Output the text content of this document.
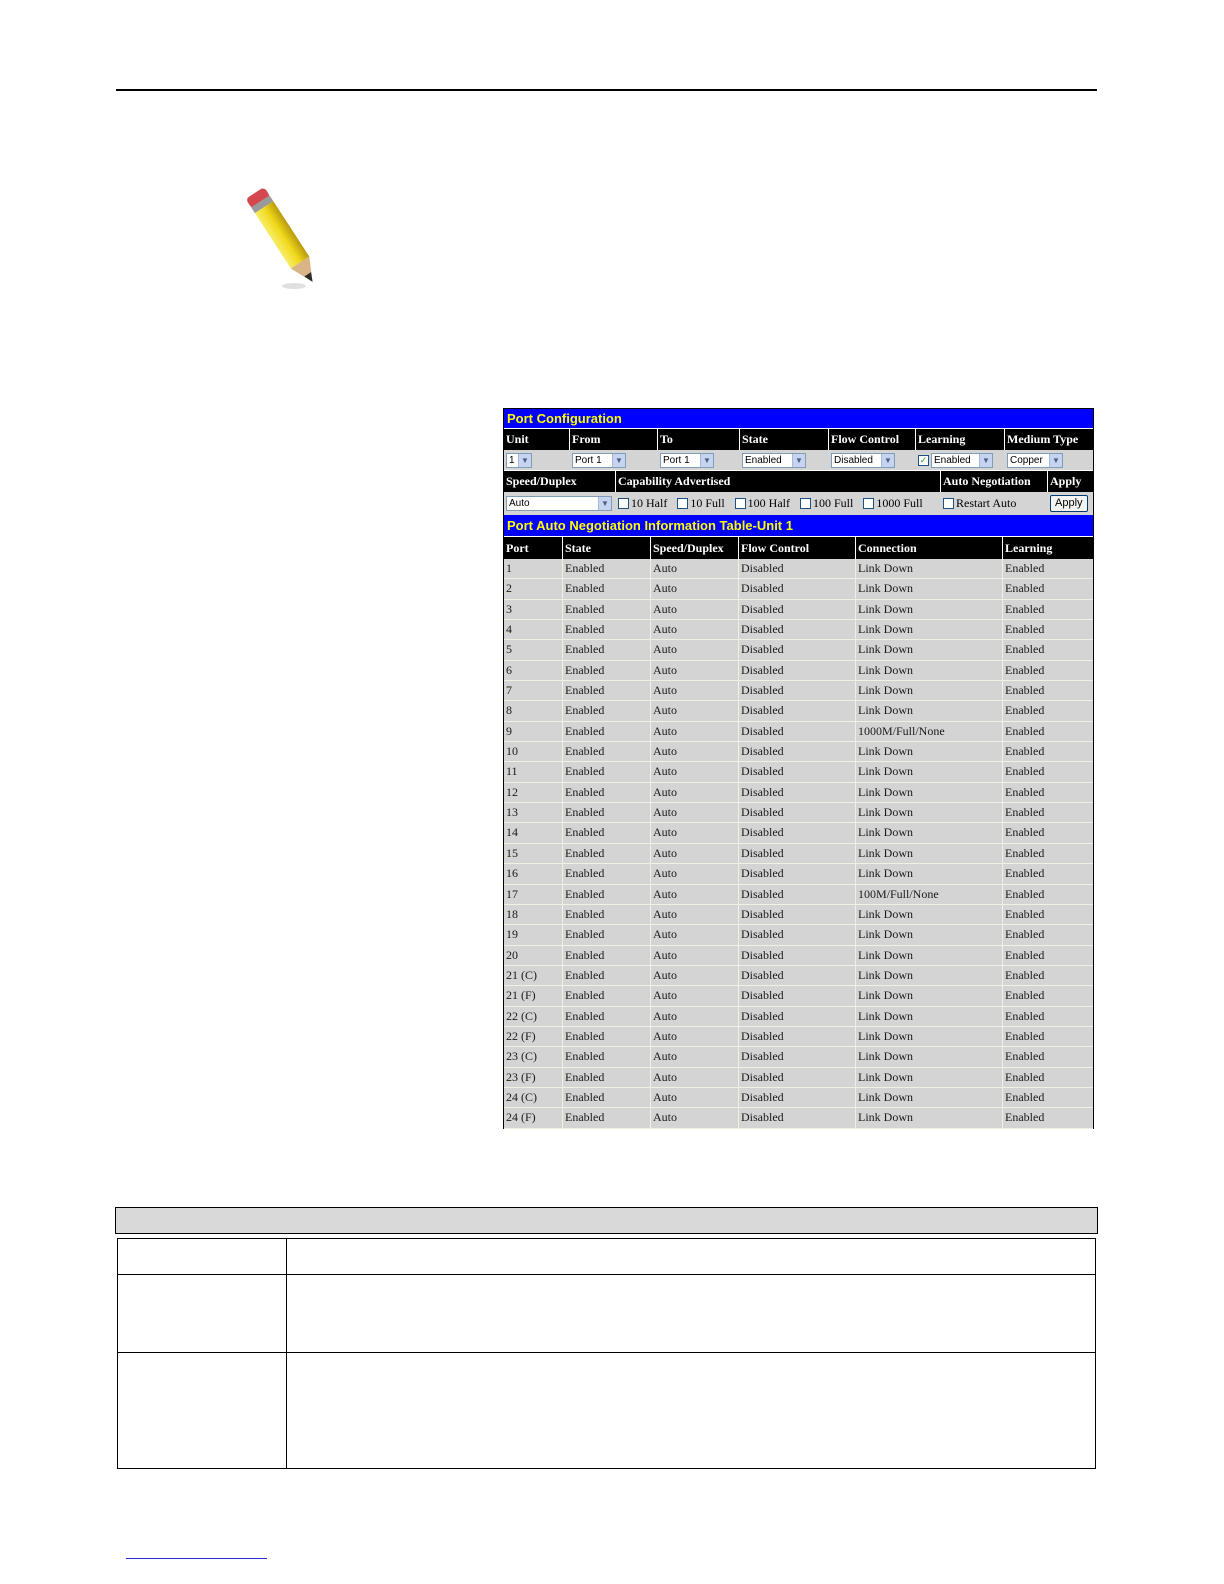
Port Configuration
Unit	From	To	State	Flow Control	Learning	Medium Type
1 ▼	Port 1	▼	Port 1	▼	Enabled	▼	Disabled	▼	✓ Enabled	▼	Copper	▼
Speed/Duplex	Capability Advertised	Auto Negotiation	Apply
Auto	▼ 10 Half 10 Full 100 Half 100 Full 1000 Full	Restart Auto	Apply
Port Auto Negotiation Information Table-Unit 1
Port	State	Speed/Duplex	Flow Control	Connection	Learning
1	Enabled	Auto	Disabled	Link Down	Enabled
2	Enabled	Auto	Disabled	Link Down	Enabled
3	Enabled	Auto	Disabled	Link Down	Enabled
4	Enabled	Auto	Disabled	Link Down	Enabled
5	Enabled	Auto	Disabled	Link Down	Enabled
6	Enabled	Auto	Disabled	Link Down	Enabled
7	Enabled	Auto	Disabled	Link Down	Enabled
8	Enabled	Auto	Disabled	Link Down	Enabled
9	Enabled	Auto	Disabled	1000M/Full/None	Enabled
10	Enabled	Auto	Disabled	Link Down	Enabled
11	Enabled	Auto	Disabled	Link Down	Enabled
12	Enabled	Auto	Disabled	Link Down	Enabled
13	Enabled	Auto	Disabled	Link Down	Enabled
14	Enabled	Auto	Disabled	Link Down	Enabled
15	Enabled	Auto	Disabled	Link Down	Enabled
16	Enabled	Auto	Disabled	Link Down	Enabled
17	Enabled	Auto	Disabled	100M/Full/None	Enabled
18	Enabled	Auto	Disabled	Link Down	Enabled
19	Enabled	Auto	Disabled	Link Down	Enabled
20	Enabled	Auto	Disabled	Link Down	Enabled
21 (C)	Enabled	Auto	Disabled	Link Down	Enabled
21 (F)	Enabled	Auto	Disabled	Link Down	Enabled
22 (C)	Enabled	Auto	Disabled	Link Down	Enabled
22 (F)	Enabled	Auto	Disabled	Link Down	Enabled
23 (C)	Enabled	Auto	Disabled	Link Down	Enabled
23 (F)	Enabled	Auto	Disabled	Link Down	Enabled
24 (C)	Enabled	Auto	Disabled	Link Down	Enabled
24 (F)	Enabled	Auto	Disabled	Link Down	Enabled
